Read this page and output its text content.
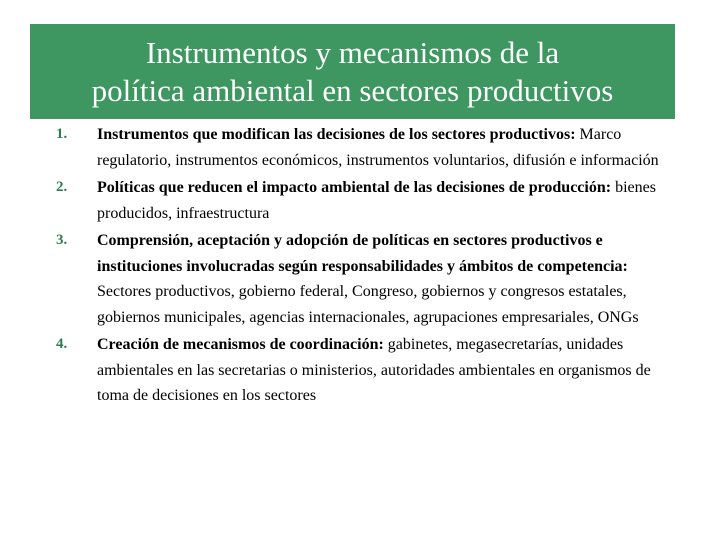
Instrumentos y mecanismos de la
política ambiental en sectores productivos
1. Instrumentos que modifican las decisiones de los sectores productivos: Marco regulatorio, instrumentos económicos, instrumentos voluntarios, difusión e información
2. Políticas que reducen el impacto ambiental de las decisiones de producción: bienes producidos, infraestructura
3. Comprensión, aceptación y adopción de políticas en sectores productivos e instituciones involucradas según responsabilidades y ámbitos de competencia: Sectores productivos, gobierno federal, Congreso, gobiernos y congresos estatales, gobiernos municipales, agencias internacionales, agrupaciones empresariales, ONGs
4. Creación de mecanismos de coordinación: gabinetes, megasecretarías, unidades ambientales en las secretarias o ministerios, autoridades ambientales en organismos de toma de decisiones en los sectores
